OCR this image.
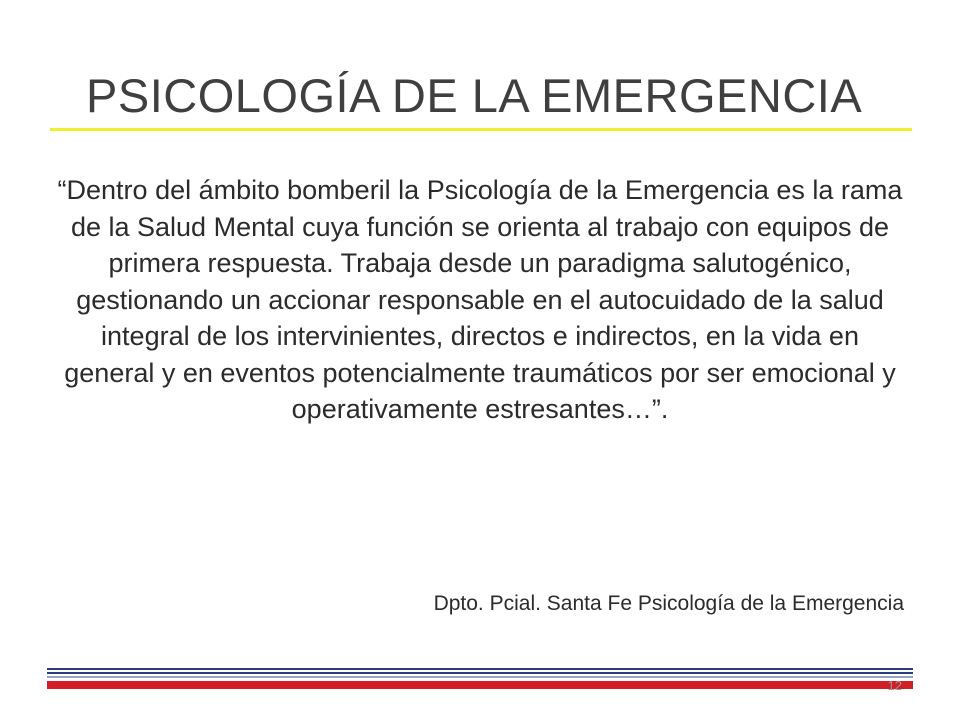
PSICOLOGÍA DE LA EMERGENCIA
“Dentro del ámbito bomberil la Psicología de la Emergencia es la rama de la Salud Mental cuya función se orienta al trabajo con equipos de primera respuesta. Trabaja desde un paradigma salutogénico, gestionando un accionar responsable en el autocuidado de la salud integral de los intervinientes, directos e indirectos, en la vida en general y en eventos potencialmente traumáticos por ser emocional y operativamente estresantes…”.
Dpto. Pcial. Santa Fe Psicología de la Emergencia
12
